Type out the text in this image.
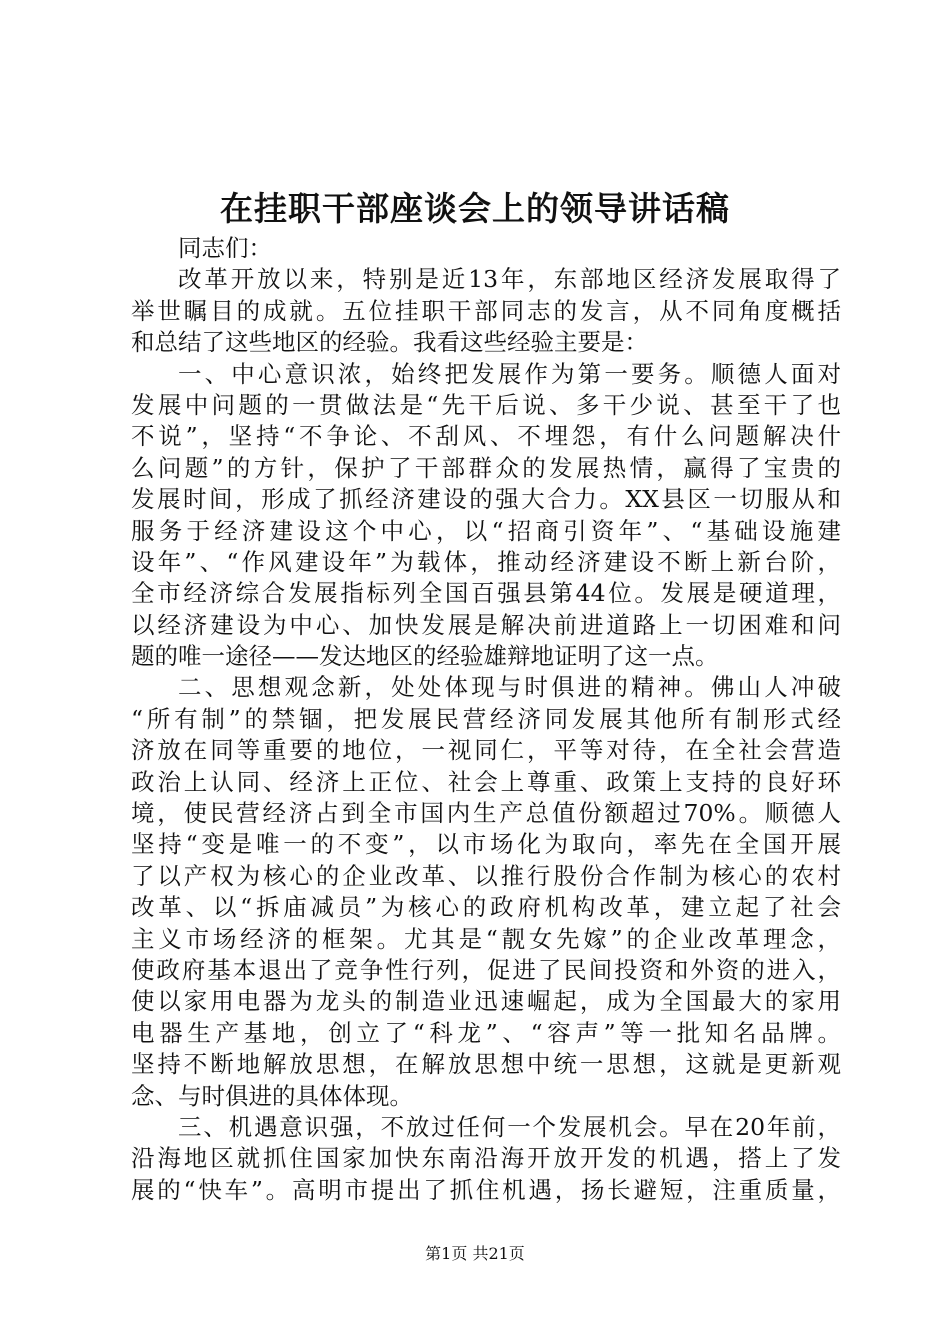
在挂职干部座谈会上的领导讲话稿
同志们：
改革开放以来，特别是近13年，东部地区经济发展取得了
举世瞩目的成就。五位挂职干部同志的发言，从不同角度概括
和总结了这些地区的经验。我看这些经验主要是：
一、中心意识浓，始终把发展作为第一要务。顺德人面对
发展中问题的一贯做法是“先干后说、多干少说、甚至干了也
不说”，坚持“不争论、不刮风、不埋怨，有什么问题解决什
么问题”的方针，保护了干部群众的发展热情，赢得了宝贵的
发展时间，形成了抓经济建设的强大合力。XX县区一切服从和
服务于经济建设这个中心，以“招商引资年”、“基础设施建
设年”、“作风建设年”为载体，推动经济建设不断上新台阶，
全市经济综合发展指标列全国百强县第44位。发展是硬道理，
以经济建设为中心、加快发展是解决前进道路上一切困难和问
题的唯一途径——发达地区的经验雄辩地证明了这一点。
二、思想观念新，处处体现与时俱进的精神。佛山人冲破
“所有制”的禁锢，把发展民营经济同发展其他所有制形式经
济放在同等重要的地位，一视同仁，平等对待，在全社会营造
政治上认同、经济上正位、社会上尊重、政策上支持的良好环
境，使民营经济占到全市国内生产总值份额超过70%。顺德人
坚持“变是唯一的不变”，以市场化为取向，率先在全国开展
了以产权为核心的企业改革、以推行股份合作制为核心的农村
改革、以“拆庙减员”为核心的政府机构改革，建立起了社会
主义市场经济的框架。尤其是“靓女先嫁”的企业改革理念，
使政府基本退出了竞争性行列，促进了民间投资和外资的进入，
使以家用电器为龙头的制造业迅速崛起，成为全国最大的家用
电器生产基地，创立了“科龙”、“容声”等一批知名品牌。
坚持不断地解放思想，在解放思想中统一思想，这就是更新观
念、与时俱进的具体体现。
三、机遇意识强，不放过任何一个发展机会。早在20年前，
沿海地区就抓住国家加快东南沿海开放开发的机遇，搭上了发
展的“快车”。高明市提出了抓住机遇，扬长避短，注重质量，
第1页 共21页
